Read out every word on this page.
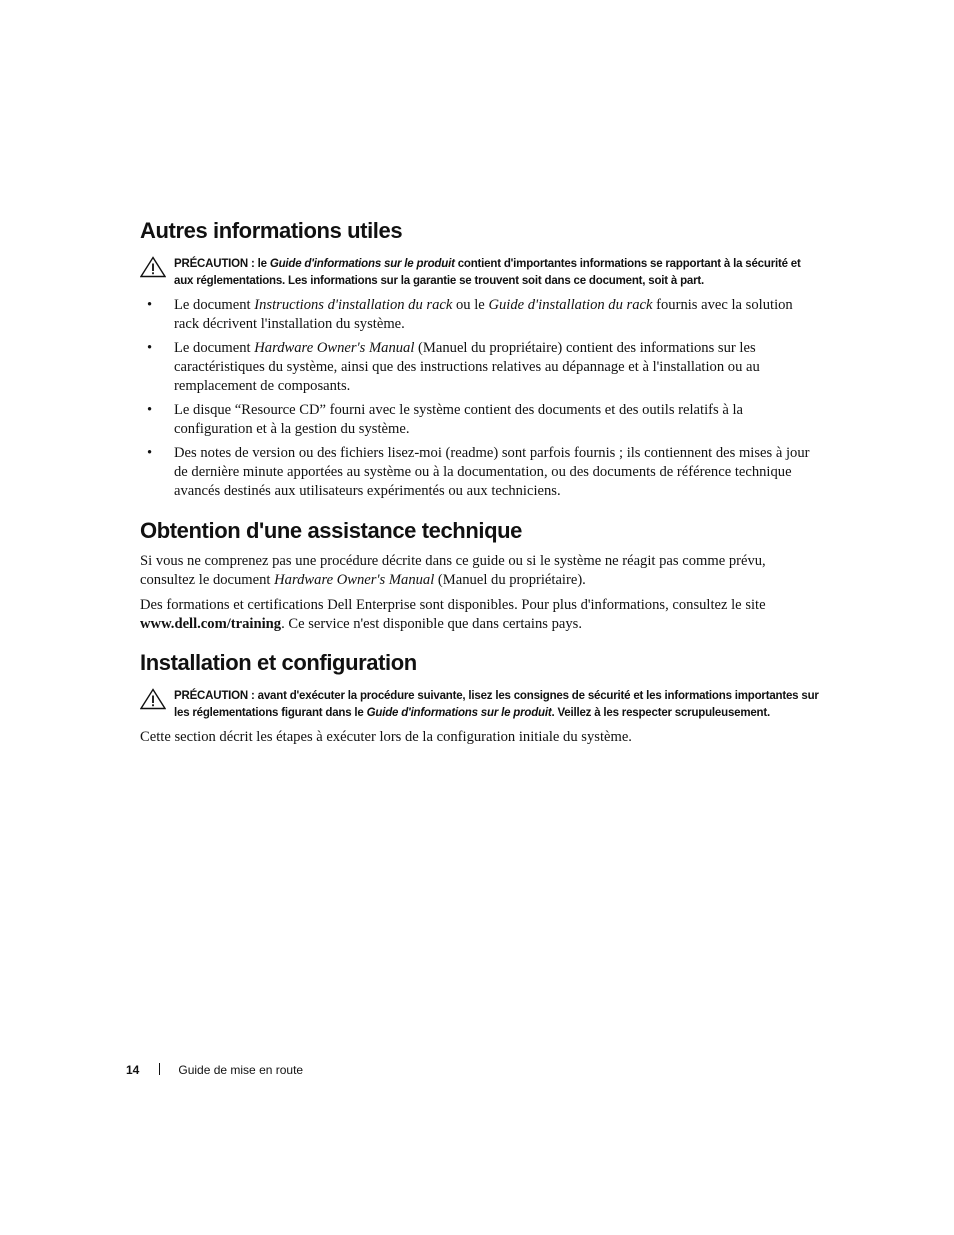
Autres informations utiles
PRÉCAUTION : le Guide d'informations sur le produit contient d'importantes informations se rapportant à la sécurité et aux réglementations. Les informations sur la garantie se trouvent soit dans ce document, soit à part.
• Le document Instructions d'installation du rack ou le Guide d'installation du rack fournis avec la solution rack décrivent l'installation du système.
• Le document Hardware Owner's Manual (Manuel du propriétaire) contient des informations sur les caractéristiques du système, ainsi que des instructions relatives au dépannage et à l'installation ou au remplacement de composants.
• Le disque “Resource CD” fourni avec le système contient des documents et des outils relatifs à la configuration et à la gestion du système.
• Des notes de version ou des fichiers lisez-moi (readme) sont parfois fournis ; ils contiennent des mises à jour de dernière minute apportées au système ou à la documentation, ou des documents de référence technique avancés destinés aux utilisateurs expérimentés ou aux techniciens.
Obtention d'une assistance technique

Si vous ne comprenez pas une procédure décrite dans ce guide ou si le système ne réagit pas comme prévu, consultez le document Hardware Owner's Manual (Manuel du propriétaire).

Des formations et certifications Dell Enterprise sont disponibles. Pour plus d'informations, consultez le site www.dell.com/training. Ce service n'est disponible que dans certains pays.

Installation et configuration
PRÉCAUTION : avant d'exécuter la procédure suivante, lisez les consignes de sécurité et les informations importantes sur les réglementations figurant dans le Guide d'informations sur le produit. Veillez à les respecter scrupuleusement.

Cette section décrit les étapes à exécuter lors de la configuration initiale du système.

14	Guide de mise en route
